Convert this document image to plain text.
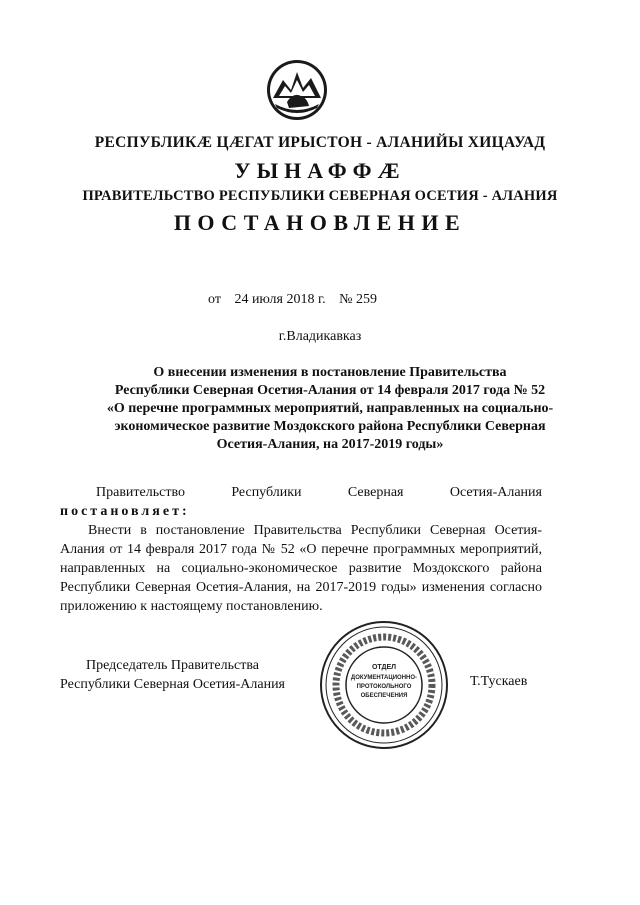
РЕСПУБЛИКÆ ЦÆГАТ ИРЫСТОН - АЛАНИЙЫ ХИЦАУАД
УЫНАФФÆ
ПРАВИТЕЛЬСТВО РЕСПУБЛИКИ СЕВЕРНАЯ ОСЕТИЯ - АЛАНИЯ
ПОСТАНОВЛЕНИЕ
от 24 июля 2018 г. № 259
г.Владикавказ
О внесении изменения в постановление Правительства
Республики Северная Осетия-Алания от 14 февраля 2017 года № 52
«О перечне программных мероприятий, направленных на социально-
экономическое развитие Моздокского района Республики Северная
Осетия-Алания, на 2017-2019 годы»
Правительство	Республики	Северная	Осетия-Алания
постановляет:
Внести в постановление Правительства Республики Северная Осетия-Алания от 14 февраля 2017 года № 52 «О перечне программных мероприятий, направленных на социально-экономическое развитие Моздокского района Республики Северная Осетия-Алания, на 2017-2019 годы» изменения согласно приложению к настоящему постановлению.
Председатель Правительства
Республики Северная Осетия-Алания
ОТДЕЛ
ДОКУМЕНТАЦИОННО-
ПРОТОКОЛЬНОГО
ОБЕСПЕЧЕНИЯ
Т.Тускаев
